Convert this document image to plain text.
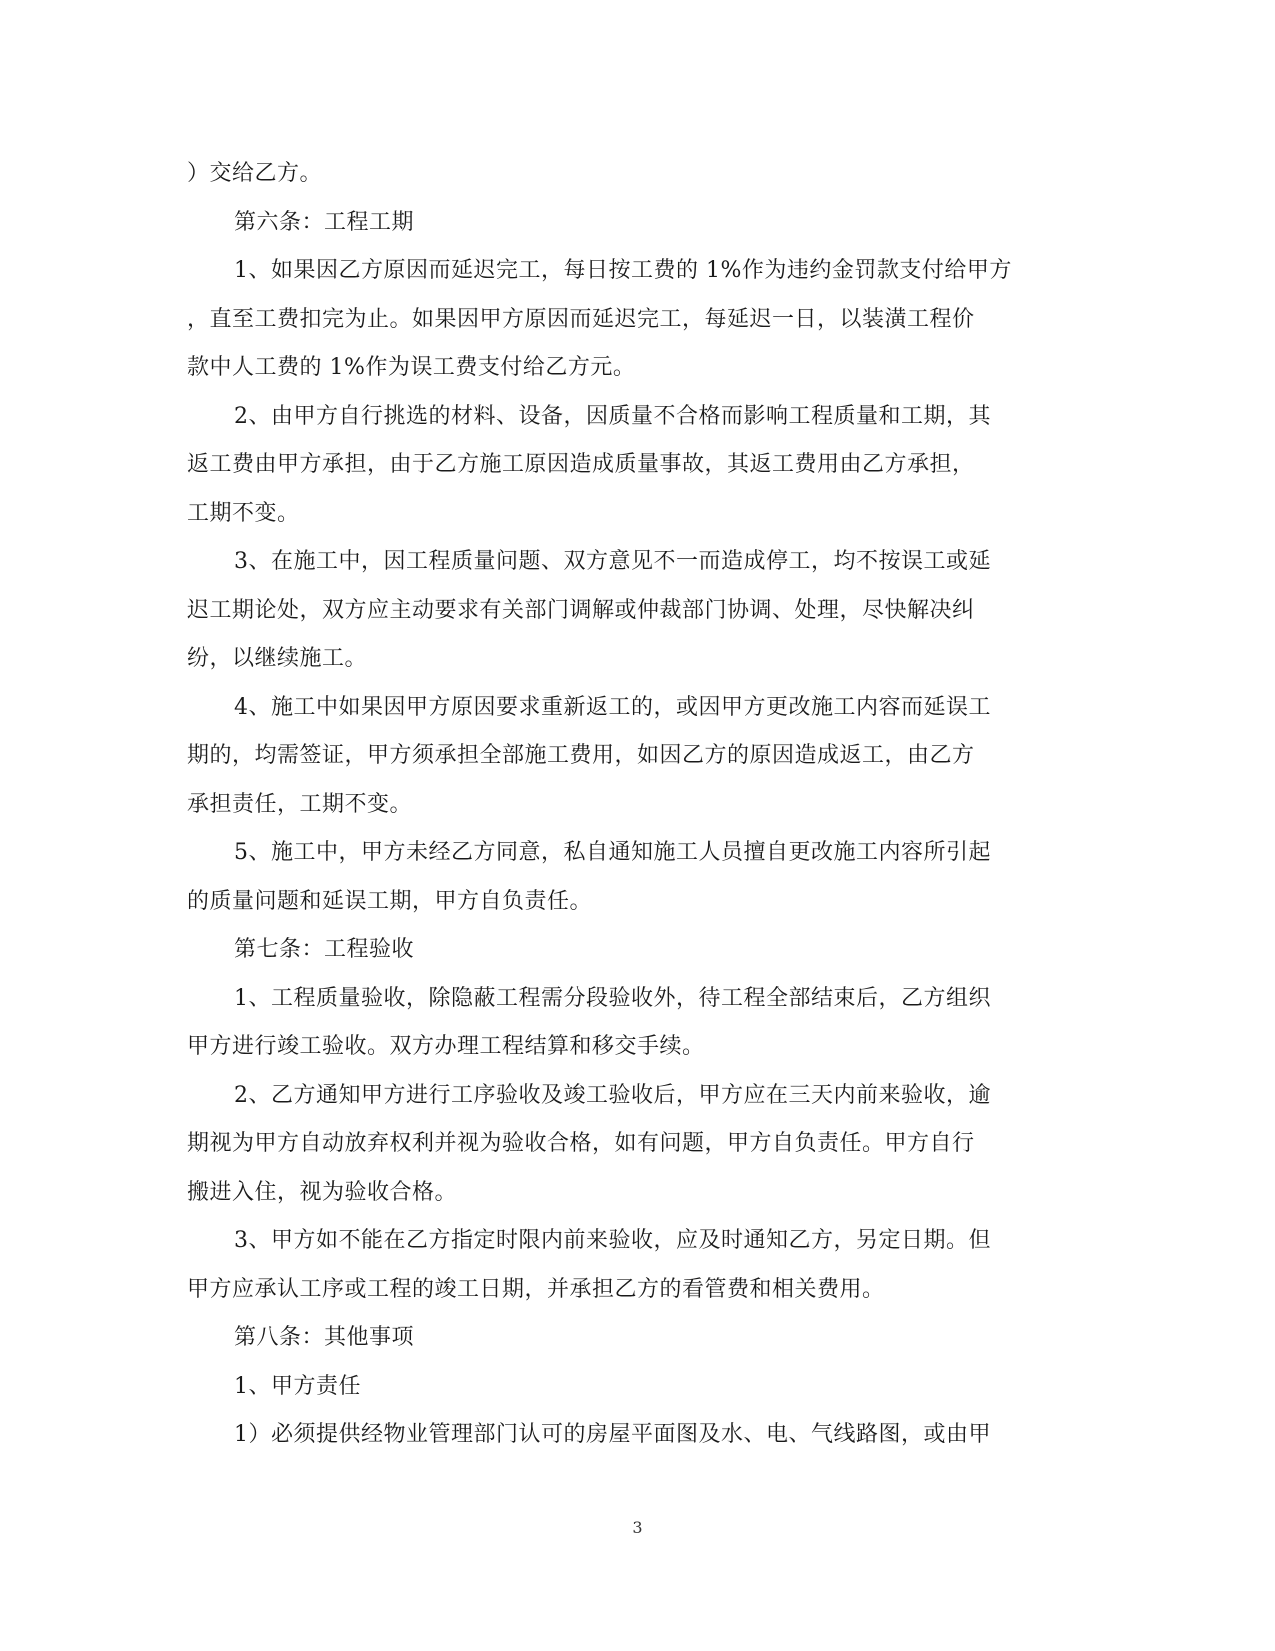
）交给乙方。
第六条：工程工期
1、如果因乙方原因而延迟完工，每日按工费的 1%作为违约金罚款支付给甲方
，直至工费扣完为止。如果因甲方原因而延迟完工，每延迟一日，以装潢工程价
款中人工费的 1%作为误工费支付给乙方元。
2、由甲方自行挑选的材料、设备，因质量不合格而影响工程质量和工期，其
返工费由甲方承担，由于乙方施工原因造成质量事故，其返工费用由乙方承担，
工期不变。
3、在施工中，因工程质量问题、双方意见不一而造成停工，均不按误工或延
迟工期论处，双方应主动要求有关部门调解或仲裁部门协调、处理，尽快解决纠
纷，以继续施工。
4、施工中如果因甲方原因要求重新返工的，或因甲方更改施工内容而延误工
期的，均需签证，甲方须承担全部施工费用，如因乙方的原因造成返工，由乙方
承担责任，工期不变。
5、施工中，甲方未经乙方同意，私自通知施工人员擅自更改施工内容所引起
的质量问题和延误工期，甲方自负责任。
第七条：工程验收
1、工程质量验收，除隐蔽工程需分段验收外，待工程全部结束后，乙方组织
甲方进行竣工验收。双方办理工程结算和移交手续。
2、乙方通知甲方进行工序验收及竣工验收后，甲方应在三天内前来验收，逾
期视为甲方自动放弃权利并视为验收合格，如有问题，甲方自负责任。甲方自行
搬进入住，视为验收合格。
3、甲方如不能在乙方指定时限内前来验收，应及时通知乙方，另定日期。但
甲方应承认工序或工程的竣工日期，并承担乙方的看管费和相关费用。
第八条：其他事项
1、甲方责任
1）必须提供经物业管理部门认可的房屋平面图及水、电、气线路图，或由甲
3
